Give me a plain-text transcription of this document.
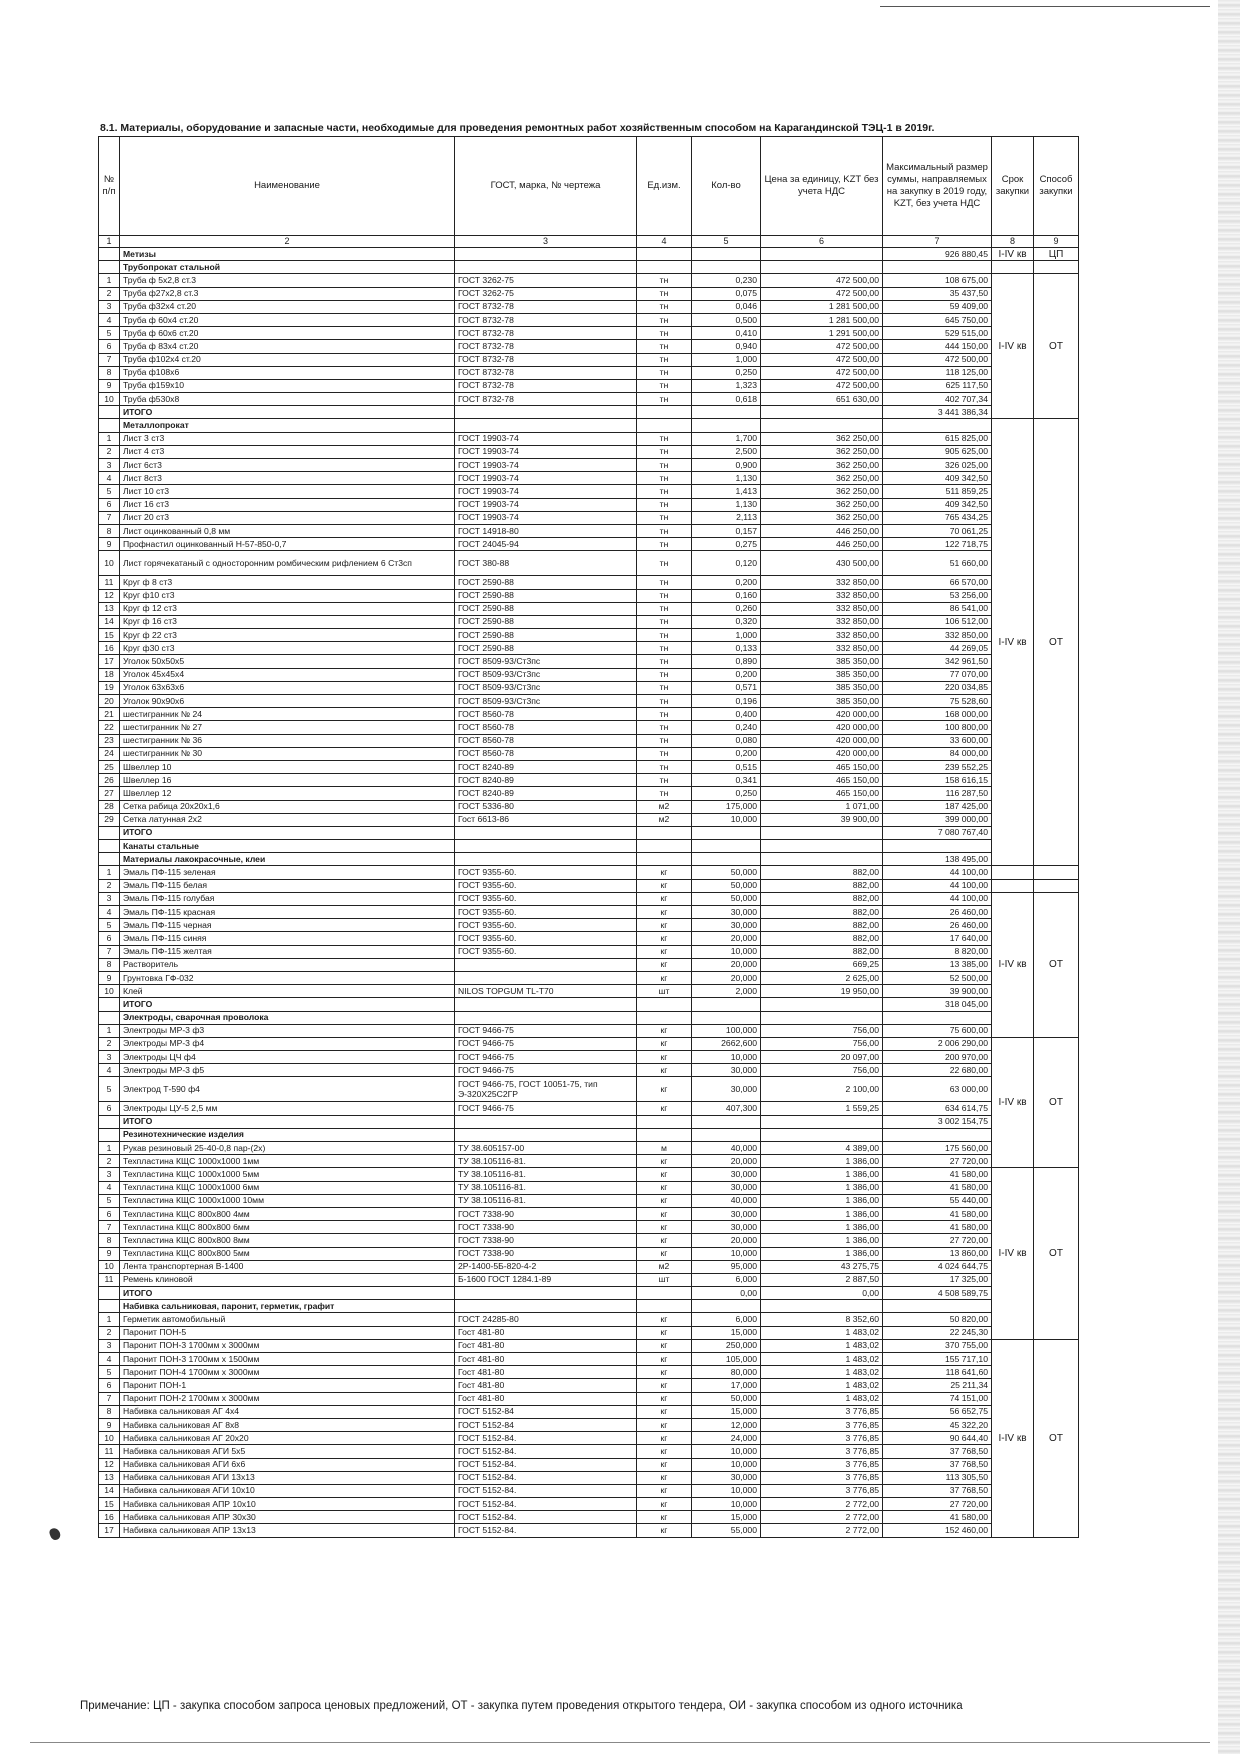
8.1. Материалы, оборудование и запасные части, необходимые для проведения ремонтных работ хозяйственным способом на Карагандинской ТЭЦ-1 в 2019г.
№ п/п	Наименование	ГОСТ, марка, № чертежа	Ед.изм.	Кол-во	Цена за единицу, KZT без учета НДС	Максимальный размер суммы, направляемых на закупку в 2019 году, KZT, без учета НДС	Срок закупки	Способ закупки
1	2	3	4	5	6	7	8	9
	Метизы					926 880,45	I-IV кв	ЦП
	Трубопрокат стальной							
1	Труба ф 5х2,8 ст.3	ГОСТ 3262-75	тн	0,230	472 500,00	108 675,00	I-IV кв	ОТ
2	Труба ф27х2,8 ст.3	ГОСТ 3262-75	тн	0,075	472 500,00	35 437,50		
3	Труба ф32х4 ст.20	ГОСТ 8732-78	тн	0,046	1 281 500,00	59 409,00		
4	Труба ф 60х4 ст.20	ГОСТ 8732-78	тн	0,500	1 281 500,00	645 750,00		
5	Труба ф 60х6 ст.20	ГОСТ 8732-78	тн	0,410	1 291 500,00	529 515,00		
6	Труба ф 83х4 ст.20	ГОСТ 8732-78	тн	0,940	472 500,00	444 150,00		
7	Труба ф102х4 ст.20	ГОСТ 8732-78	тн	1,000	472 500,00	472 500,00		
8	Труба ф108х6	ГОСТ 8732-78	тн	0,250	472 500,00	118 125,00		
9	Труба ф159х10	ГОСТ 8732-78	тн	1,323	472 500,00	625 117,50		
10	Труба ф530х8	ГОСТ 8732-78	тн	0,618	651 630,00	402 707,34		
	ИТОГО					3 441 386,34		
	Металлопрокат						I-IV кв	ОТ
1	Лист 3 ст3	ГОСТ 19903-74	тн	1,700	362 250,00	615 825,00		
2	Лист 4 ст3	ГОСТ 19903-74	тн	2,500	362 250,00	905 625,00		
3	Лист 6ст3	ГОСТ 19903-74	тн	0,900	362 250,00	326 025,00		
4	Лист 8ст3	ГОСТ 19903-74	тн	1,130	362 250,00	409 342,50		
5	Лист 10 ст3	ГОСТ 19903-74	тн	1,413	362 250,00	511 859,25		
6	Лист 16 ст3	ГОСТ 19903-74	тн	1,130	362 250,00	409 342,50		
7	Лист 20 ст3	ГОСТ 19903-74	тн	2,113	362 250,00	765 434,25		
8	Лист оцинкованный 0,8 мм	ГОСТ 14918-80	тн	0,157	446 250,00	70 061,25		
9	Профнастил оцинкованный Н-57-850-0,7	ГОСТ 24045-94	тн	0,275	446 250,00	122 718,75		
10	Лист горячекатаный с односторонним ромбическим рифлением 6 Ст3сп	ГОСТ 380-88	тн	0,120	430 500,00	51 660,00		
11	Круг ф 8 ст3	ГОСТ 2590-88	тн	0,200	332 850,00	66 570,00		
12	Круг ф10 ст3	ГОСТ 2590-88	тн	0,160	332 850,00	53 256,00		
13	Круг ф 12 ст3	ГОСТ 2590-88	тн	0,260	332 850,00	86 541,00		
14	Круг ф 16 ст3	ГОСТ 2590-88	тн	0,320	332 850,00	106 512,00		
15	Круг ф 22 ст3	ГОСТ 2590-88	тн	1,000	332 850,00	332 850,00		
16	Круг ф30 ст3	ГОСТ 2590-88	тн	0,133	332 850,00	44 269,05		
17	Уголок 50х50х5	ГОСТ 8509-93/Ст3пс	тн	0,890	385 350,00	342 961,50		
18	Уголок 45х45х4	ГОСТ 8509-93/Ст3пс	тн	0,200	385 350,00	77 070,00		
19	Уголок 63х63х6	ГОСТ 8509-93/Ст3пс	тн	0,571	385 350,00	220 034,85		
20	Уголок 90х90х6	ГОСТ 8509-93/Ст3пс	тн	0,196	385 350,00	75 528,60		
21	шестигранник № 24	ГОСТ 8560-78	тн	0,400	420 000,00	168 000,00		
22	шестигранник № 27	ГОСТ 8560-78	тн	0,240	420 000,00	100 800,00		
23	шестигранник № 36	ГОСТ 8560-78	тн	0,080	420 000,00	33 600,00		
24	шестигранник № 30	ГОСТ 8560-78	тн	0,200	420 000,00	84 000,00		
25	Швеллер 10	ГОСТ 8240-89	тн	0,515	465 150,00	239 552,25		
26	Швеллер 16	ГОСТ 8240-89	тн	0,341	465 150,00	158 616,15		
27	Швеллер 12	ГОСТ 8240-89	тн	0,250	465 150,00	116 287,50		
28	Сетка рабица 20х20х1,6	ГОСТ 5336-80	м2	175,000	1 071,00	187 425,00		
29	Сетка латунная 2х2	Гост 6613-86	м2	10,000	39 900,00	399 000,00		
	ИТОГО					7 080 767,40		
	Канаты стальные							
	Материалы лакокрасочные, клеи					138 495,00		
1	Эмаль ПФ-115 зеленая	ГОСТ 9355-60.	кг	50,000	882,00	44 100,00		
2	Эмаль ПФ-115 белая	ГОСТ 9355-60.	кг	50,000	882,00	44 100,00		
3	Эмаль ПФ-115 голубая	ГОСТ 9355-60.	кг	50,000	882,00	44 100,00	I-IV кв	ОТ
4	Эмаль ПФ-115 красная	ГОСТ 9355-60.	кг	30,000	882,00	26 460,00		
5	Эмаль ПФ-115 черная	ГОСТ 9355-60.	кг	30,000	882,00	26 460,00		
6	Эмаль ПФ-115 синяя	ГОСТ 9355-60.	кг	20,000	882,00	17 640,00		
7	Эмаль ПФ-115 желтая	ГОСТ 9355-60.	кг	10,000	882,00	8 820,00		
8	Растворитель		кг	20,000	669,25	13 385,00		
9	Грунтовка ГФ-032		кг	20,000	2 625,00	52 500,00		
10	Клей	NILOS TOPGUM TL-T70	шт	2,000	19 950,00	39 900,00		
	ИТОГО					318 045,00		
	Электроды, сварочная проволока							
1	Электроды МР-3 ф3	ГОСТ 9466-75	кг	100,000	756,00	75 600,00		
2	Электроды МР-3 ф4	ГОСТ 9466-75	кг	2662,600	756,00	2 006 290,00	I-IV кв	ОТ
3	Электроды ЦЧ ф4	ГОСТ 9466-75	кг	10,000	20 097,00	200 970,00		
4	Электроды МР-3 ф5	ГОСТ 9466-75	кг	30,000	756,00	22 680,00		
5	Электрод Т-590 ф4	ГОСТ 9466-75, ГОСТ 10051-75, тип Э-320Х25С2ГР	кг	30,000	2 100,00	63 000,00		
6	Электроды ЦУ-5 2,5 мм	ГОСТ 9466-75	кг	407,300	1 559,25	634 614,75		
	ИТОГО					3 002 154,75		
	Резинотехнические изделия							
1	Рукав резиновый 25-40-0,8 пар-(2х)	ТУ 38.605157-00	м	40,000	4 389,00	175 560,00		
2	Техпластина КЩС 1000х1000 1мм	ТУ 38.105116-81.	кг	20,000	1 386,00	27 720,00		
3	Техпластина КЩС 1000х1000 5мм	ТУ 38.105116-81.	кг	30,000	1 386,00	41 580,00	I-IV кв	ОТ
4	Техпластина КЩС 1000х1000 6мм	ТУ 38.105116-81.	кг	30,000	1 386,00	41 580,00		
5	Техпластина КЩС 1000х1000 10мм	ТУ 38.105116-81.	кг	40,000	1 386,00	55 440,00		
6	Техпластина КЩС 800х800 4мм	ГОСТ 7338-90	кг	30,000	1 386,00	41 580,00		
7	Техпластина КЩС 800х800 6мм	ГОСТ 7338-90	кг	30,000	1 386,00	41 580,00		
8	Техпластина КЩС 800х800 8мм	ГОСТ 7338-90	кг	20,000	1 386,00	27 720,00		
9	Техпластина КЩС 800х800 5мм	ГОСТ 7338-90	кг	10,000	1 386,00	13 860,00		
10	Лента транспортерная В-1400	2Р-1400-5Б-820-4-2	м2	95,000	43 275,75	4 024 644,75		
11	Ремень клиновой	Б-1600 ГОСТ 1284.1-89	шт	6,000	2 887,50	17 325,00		
	ИТОГО			0,00	0,00	4 508 589,75		
	Набивка сальниковая, паронит, герметик, графит							
1	Герметик автомобильный	ГОСТ 24285-80	кг	6,000	8 352,60	50 820,00		
2	Паронит ПОН-5	Гост 481-80	кг	15,000	1 483,02	22 245,30		
3	Паронит ПОН-3 1700мм х 3000мм	Гост 481-80	кг	250,000	1 483,02	370 755,00	I-IV кв	ОТ
4	Паронит ПОН-3 1700мм х 1500мм	Гост 481-80	кг	105,000	1 483,02	155 717,10		
5	Паронит ПОН-4 1700мм х 3000мм	Гост 481-80	кг	80,000	1 483,02	118 641,60		
6	Паронит ПОН-1	Гост 481-80	кг	17,000	1 483,02	25 211,34		
7	Паронит ПОН-2 1700мм х 3000мм	Гост 481-80	кг	50,000	1 483,02	74 151,00		
8	Набивка сальниковая АГ 4х4	ГОСТ 5152-84	кг	15,000	3 776,85	56 652,75		
9	Набивка сальниковая АГ 8х8	ГОСТ 5152-84	кг	12,000	3 776,85	45 322,20		
10	Набивка сальниковая АГ 20х20	ГОСТ 5152-84.	кг	24,000	3 776,85	90 644,40		
11	Набивка сальниковая АГИ 5х5	ГОСТ 5152-84.	кг	10,000	3 776,85	37 768,50		
12	Набивка сальниковая АГИ 6х6	ГОСТ 5152-84.	кг	10,000	3 776,85	37 768,50		
13	Набивка сальниковая АГИ 13х13	ГОСТ 5152-84.	кг	30,000	3 776,85	113 305,50		
14	Набивка сальниковая АГИ 10х10	ГОСТ 5152-84.	кг	10,000	3 776,85	37 768,50		
15	Набивка сальниковая АПР 10х10	ГОСТ 5152-84.	кг	10,000	2 772,00	27 720,00		
16	Набивка сальниковая АПР 30х30	ГОСТ 5152-84.	кг	15,000	2 772,00	41 580,00		
17	Набивка сальниковая АПР 13х13	ГОСТ 5152-84.	кг	55,000	2 772,00	152 460,00		
Примечание: ЦП - закупка способом запроса ценовых предложений, ОТ - закупка путем проведения открытого тендера, ОИ - закупка способом из одного источника
